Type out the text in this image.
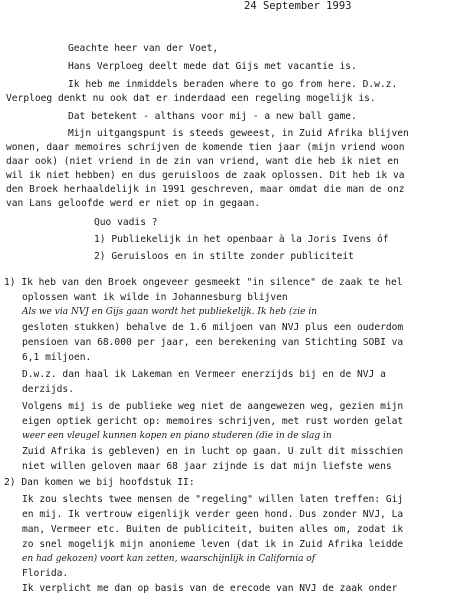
24 September 1993
Geachte heer van der Voet,
Hans Verploeg deelt mede dat Gijs met vacantie is.
Ik heb me inmiddels beraden where to go from here. D.w.z.
Verploeg denkt nu ook dat er inderdaad een regeling mogelijk is.
Dat betekent - althans voor mij - a new ball game.
Mijn uitgangspunt is steeds geweest, in Zuid Afrika blijven
wonen, daar memoires schrijven de komende tien jaar (mijn vriend woon
daar ook) (niet vriend in de zin van vriend, want die heb ik niet en
wil ik niet hebben) en dus geruisloos de zaak oplossen. Dit heb ik va
den Broek herhaaldelijk in 1991 geschreven, maar omdat die man de onz
van Lans geloofde werd er niet op in gegaan.
Quo vadis ?
1) Publiekelijk in het openbaar à la Joris Ivens óf
2) Geruisloos en in stilte zonder publiciteit
1) Ik heb van den Broek ongeveer gesmeekt "in silence" de zaak te hel
oplossen want ik wilde in Johannesburg blijven
Als we via NVJ en Gijs gaan wordt het publiekelijk. Ik heb (zie in
gesloten stukken) behalve de 1.6 miljoen van NVJ plus een ouderdom
pensioen van 68.000 per jaar, een berekening van Stichting SOBI va
6,1 miljoen.
D.w.z. dan haal ik Lakeman en Vermeer enerzijds bij en de NVJ a
derzijds.
Volgens mij is de publieke weg niet de aangewezen weg, gezien mijn
eigen optiek gericht op: memoires schrijven, met rust worden gelat
weer een vleugel kunnen kopen en piano studeren (die in de slag in
Zuid Afrika is gebleven) en in lucht op gaan. U zult dit misschien
niet willen geloven maar 68 jaar zijnde is dat mijn liefste wens
2) Dan komen we bij hoofdstuk II:
Ik zou slechts twee mensen de "regeling" willen laten treffen: Gij
en mij. Ik vertrouw eigenlijk verder geen hond. Dus zonder NVJ, La
man, Vermeer etc. Buiten de publiciteit, buiten alles om, zodat ik
zo snel mogelijk mijn anonieme leven (dat ik in Zuid Afrika leidde
en had gekozen) voort kan zetten, waarschijnlijk in California of
Florida.
Ik verplicht me dan op basis van de erecode van NVJ de zaak onder
